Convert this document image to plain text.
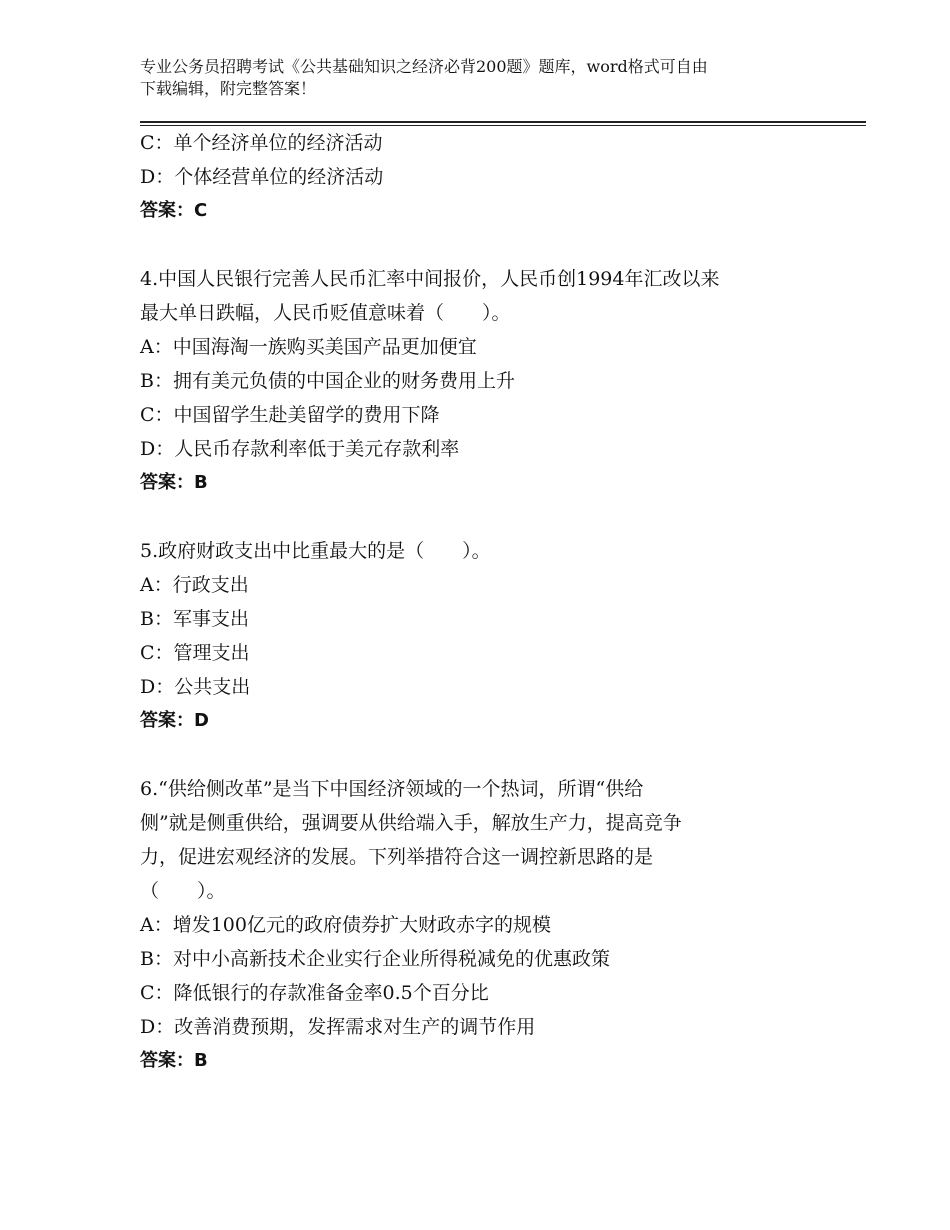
专业公务员招聘考试《公共基础知识之经济必背200题》题库，word格式可自由
下载编辑，附完整答案！
C：单个经济单位的经济活动
D：个体经营单位的经济活动
答案：C
4.中国人民银行完善人民币汇率中间报价，人民币创1994年汇改以来
最大单日跌幅，人民币贬值意味着（　　）。
A：中国海淘一族购买美国产品更加便宜
B：拥有美元负债的中国企业的财务费用上升
C：中国留学生赴美留学的费用下降
D：人民币存款利率低于美元存款利率
答案：B
5.政府财政支出中比重最大的是（　　）。
A：行政支出
B：军事支出
C：管理支出
D：公共支出
答案：D
6.“供给侧改革”是当下中国经济领域的一个热词，所谓“供给
侧”就是侧重供给，强调要从供给端入手，解放生产力，提高竞争
力，促进宏观经济的发展。下列举措符合这一调控新思路的是
（　　）。
A：增发100亿元的政府债券扩大财政赤字的规模
B：对中小高新技术企业实行企业所得税减免的优惠政策
C：降低银行的存款准备金率0.5个百分比
D：改善消费预期，发挥需求对生产的调节作用
答案：B
